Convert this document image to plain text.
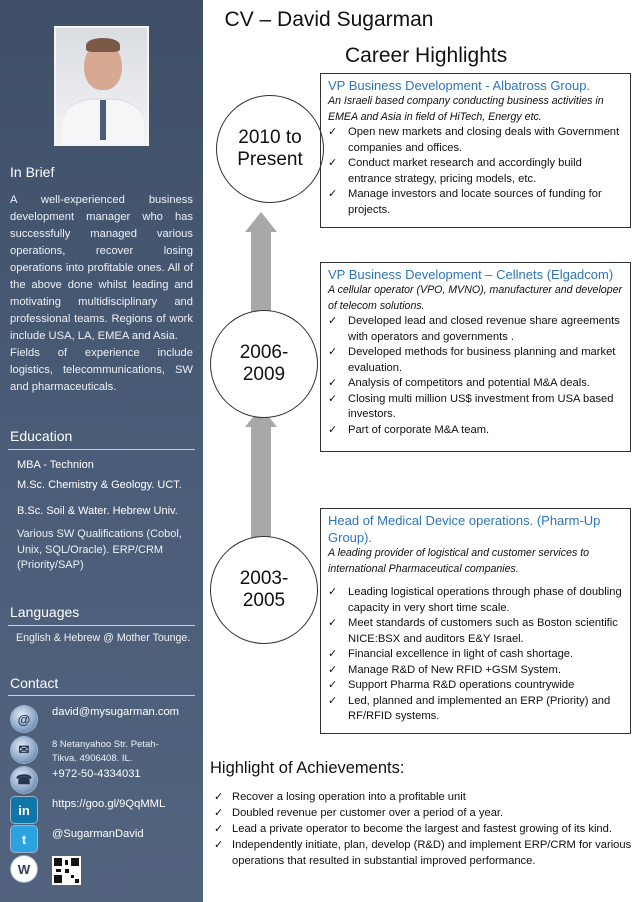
In Brief

A well-experienced business development manager who has successfully managed various operations, recover losing operations into profitable ones. All of the above done whilst leading and motivating multidisciplinary and professional teams. Regions of work include USA, LA, EMEA and Asia.

Fields of experience include logistics, telecommunications, SW and pharmaceuticals.

Education
MBA - Technion
M.Sc. Chemistry & Geology. UCT.
B.Sc. Soil & Water. Hebrew Univ.
Various SW Qualifications (Cobol, Unix, SQL/Oracle). ERP/CRM (Priority/SAP)
Languages
English & Hebrew @ Mother Tounge.
Contact
@	david@mysugarman.com
✉	8 Netanyahoo Str. Petah-Tikva. 4906408. IL.
☎	+972-50-4334031
in	https://goo.gl/9QqMML
t	@SugarmanDavid
W
CV – David Sugarman
Career Highlights
2010 to
Present
2006-
2009
2003-
2005
VP Business Development - Albatross Group.
An Israeli based company conducting business activities in EMEA and Asia in field of HiTech, Energy etc.
✓ Open new markets and closing deals with Government companies and offices.
✓ Conduct market research and accordingly build entrance strategy, pricing models, etc.
✓ Manage investors and locate sources of funding for projects.
VP Business Development – Cellnets (Elgadcom)
A cellular operator (VPO, MVNO), manufacturer and developer of telecom solutions.
✓ Developed lead and closed revenue share agreements with operators and governments .
✓ Developed methods for business planning and market evaluation.
✓ Analysis of competitors and potential M&A deals.
✓ Closing multi million US$ investment from USA based investors.
✓ Part of corporate M&A team.
Head of Medical Device operations. (Pharm-Up Group).
A leading provider of logistical and customer services to international Pharmaceutical companies.
✓ Leading logistical operations through phase of doubling capacity in very short time scale.
✓ Meet standards of customers such as Boston scientific NICE:BSX and auditors E&Y Israel.
✓ Financial excellence in light of cash shortage.
✓ Manage R&D of New RFID +GSM System.
✓ Support Pharma R&D operations countrywide
✓ Led, planned and implemented an ERP (Priority) and RF/RFID systems.
Highlight of Achievements:
✓ Recover a losing operation into a profitable unit
✓ Doubled revenue per customer over a period of a year.
✓ Lead a private operator to become the largest and fastest growing of its kind.
✓ Independently initiate, plan, develop (R&D) and implement ERP/CRM for various operations that resulted in substantial improved performance.
